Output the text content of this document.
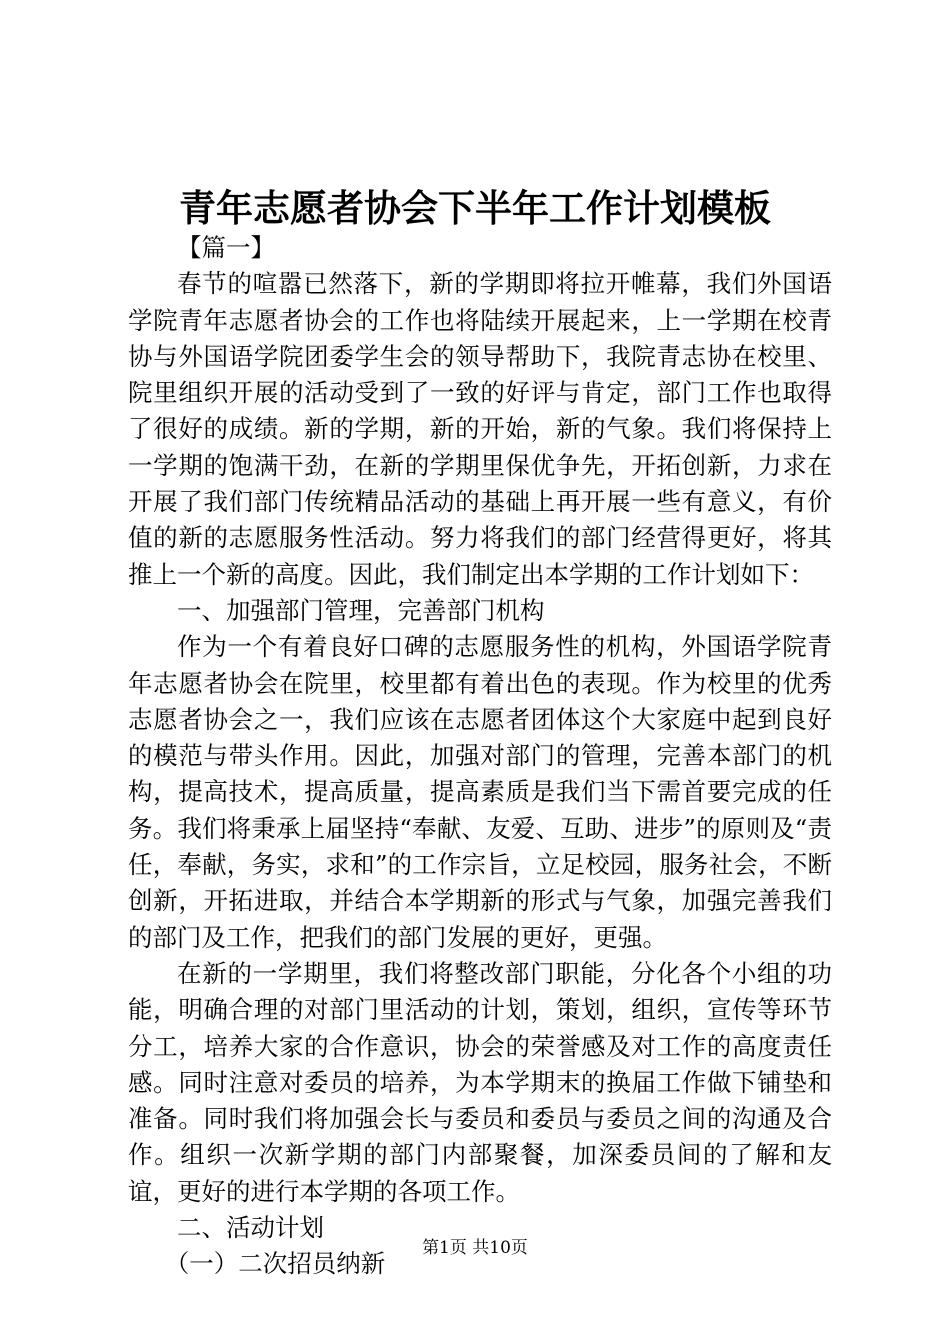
青年志愿者协会下半年工作计划模板

【篇一】

春节的喧嚣已然落下，新的学期即将拉开帷幕，我们外国语学院青年志愿者协会的工作也将陆续开展起来，上一学期在校青协与外国语学院团委学生会的领导帮助下，我院青志协在校里、院里组织开展的活动受到了一致的好评与肯定，部门工作也取得了很好的成绩。新的学期，新的开始，新的气象。我们将保持上一学期的饱满干劲，在新的学期里保优争先，开拓创新，力求在开展了我们部门传统精品活动的基础上再开展一些有意义，有价值的新的志愿服务性活动。努力将我们的部门经营得更好，将其推上一个新的高度。因此，我们制定出本学期的工作计划如下：

一、加强部门管理，完善部门机构

作为一个有着良好口碑的志愿服务性的机构，外国语学院青年志愿者协会在院里，校里都有着出色的表现。作为校里的优秀志愿者协会之一，我们应该在志愿者团体这个大家庭中起到良好的模范与带头作用。因此，加强对部门的管理，完善本部门的机构，提高技术，提高质量，提高素质是我们当下需首要完成的任务。我们将秉承上届坚持“奉献、友爱、互助、进步”的原则及“责任，奉献，务实，求和”的工作宗旨，立足校园，服务社会，不断创新，开拓进取，并结合本学期新的形式与气象，加强完善我们的部门及工作，把我们的部门发展的更好，更强。

在新的一学期里，我们将整改部门职能，分化各个小组的功能，明确合理的对部门里活动的计划，策划，组织，宣传等环节分工，培养大家的合作意识，协会的荣誉感及对工作的高度责任感。同时注意对委员的培养，为本学期末的换届工作做下铺垫和准备。同时我们将加强会长与委员和委员与委员之间的沟通及合作。组织一次新学期的部门内部聚餐，加深委员间的了解和友谊，更好的进行本学期的各项工作。

二、活动计划

（一）二次招员纳新

第1页 共10页
